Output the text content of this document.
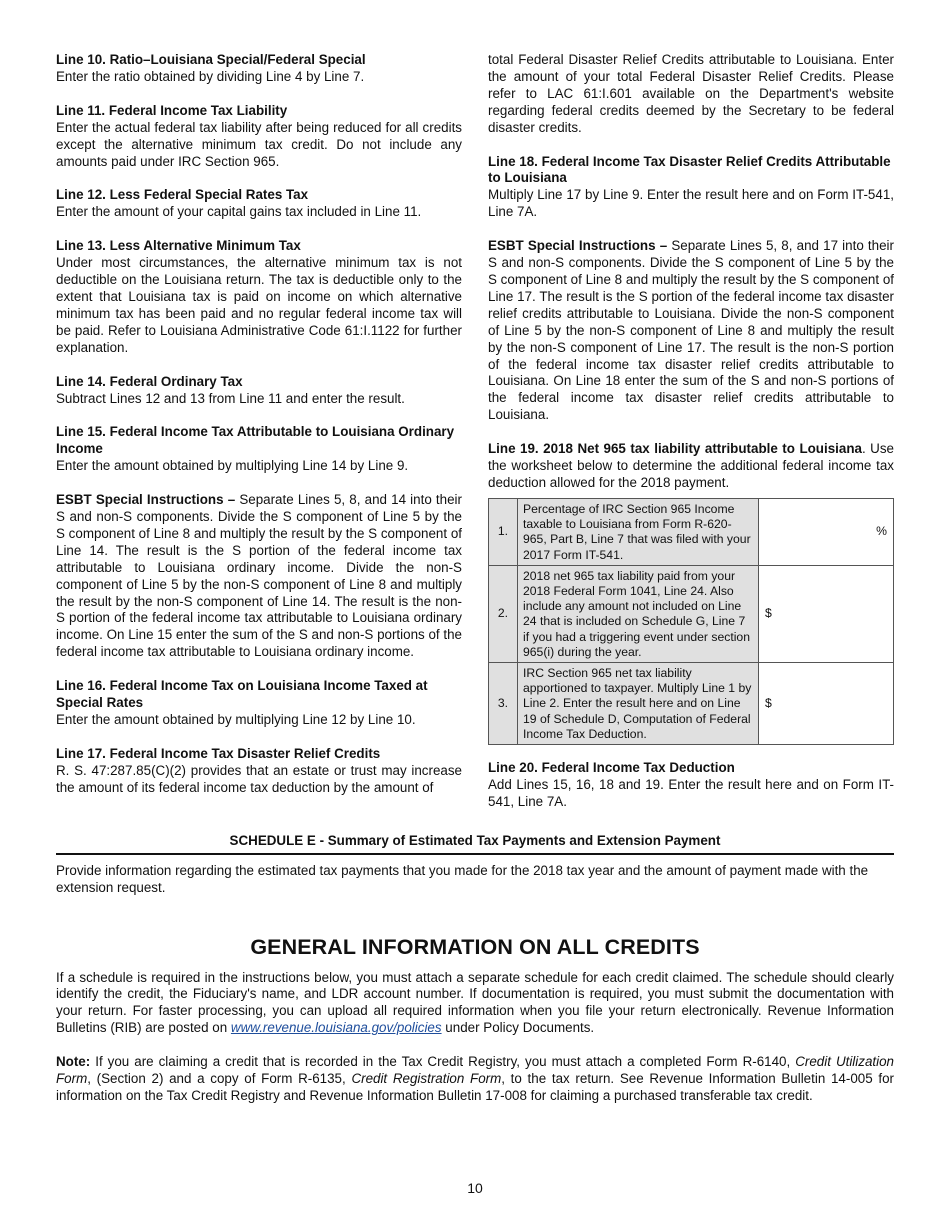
Line 10. Ratio–Louisiana Special/Federal Special

Enter the ratio obtained by dividing Line 4 by Line 7.

Line 11. Federal Income Tax Liability

Enter the actual federal tax liability after being reduced for all credits except the alternative minimum tax credit. Do not include any amounts paid under IRC Section 965.

Line 12. Less Federal Special Rates Tax

Enter the amount of your capital gains tax included in Line 11.

Line 13. Less Alternative Minimum Tax

Under most circumstances, the alternative minimum tax is not deductible on the Louisiana return. The tax is deductible only to the extent that Louisiana tax is paid on income on which alternative minimum tax has been paid and no regular federal income tax will be paid. Refer to Louisiana Administrative Code 61:I.1122 for further explanation.

Line 14. Federal Ordinary Tax

Subtract Lines 12 and 13 from Line 11 and enter the result.

Line 15. Federal Income Tax Attributable to Louisiana Ordinary Income

Enter the amount obtained by multiplying Line 14 by Line 9.

ESBT Special Instructions – Separate Lines 5, 8, and 14 into their S and non-S components. Divide the S component of Line 5 by the S component of Line 8 and multiply the result by the S component of Line 14. The result is the S portion of the federal income tax attributable to Louisiana ordinary income. Divide the non-S component of Line 5 by the non-S component of Line 8 and multiply the result by the non-S component of Line 14. The result is the non-S portion of the federal income tax attributable to Louisiana ordinary income. On Line 15 enter the sum of the S and non-S portions of the federal income tax attributable to Louisiana ordinary income.

Line 16. Federal Income Tax on Louisiana Income Taxed at Special Rates

Enter the amount obtained by multiplying Line 12 by Line 10.

Line 17. Federal Income Tax Disaster Relief Credits

R. S. 47:287.85(C)(2) provides that an estate or trust may increase the amount of its federal income tax deduction by the amount of

total Federal Disaster Relief Credits attributable to Louisiana. Enter the amount of your total Federal Disaster Relief Credits. Please refer to LAC 61:I.601 available on the Department's website regarding federal credits deemed by the Secretary to be federal disaster credits.

Line 18. Federal Income Tax Disaster Relief Credits Attributable to Louisiana

Multiply Line 17 by Line 9. Enter the result here and on Form IT-541, Line 7A.

ESBT Special Instructions – Separate Lines 5, 8, and 17 into their S and non-S components. Divide the S component of Line 5 by the S component of Line 8 and multiply the result by the S component of Line 17. The result is the S portion of the federal income tax disaster relief credits attributable to Louisiana. Divide the non-S component of Line 5 by the non-S component of Line 8 and multiply the result by the non-S component of Line 17. The result is the non-S portion of the federal income tax disaster relief credits attributable to Louisiana. On Line 18 enter the sum of the S and non-S portions of the federal income tax disaster relief credits attributable to Louisiana.

Line 19. 2018 Net 965 tax liability attributable to Louisiana. Use the worksheet below to determine the additional federal income tax deduction allowed for the 2018 payment.

1.	Percentage of IRC Section 965 Income taxable to Louisiana from Form R-620-965, Part B, Line 7 that was filed with your 2017 Form IT-541.	%
2.	2018 net 965 tax liability paid from your 2018 Federal Form 1041, Line 24. Also include any amount not included on Line 24 that is included on Schedule G, Line 7 if you had a triggering event under section 965(i) during the year.	$
3.	IRC Section 965 net tax liability apportioned to taxpayer. Multiply Line 1 by Line 2. Enter the result here and on Line 19 of Schedule D, Computation of Federal Income Tax Deduction.	$
Line 20. Federal Income Tax Deduction

Add Lines 15, 16, 18 and 19. Enter the result here and on Form IT-541, Line 7A.

SCHEDULE E - Summary of Estimated Tax Payments and Extension Payment

Provide information regarding the estimated tax payments that you made for the 2018 tax year and the amount of payment made with the extension request.

GENERAL INFORMATION ON ALL CREDITS

If a schedule is required in the instructions below, you must attach a separate schedule for each credit claimed. The schedule should clearly identify the credit, the Fiduciary's name, and LDR account number. If documentation is required, you must submit the documentation with your return. For faster processing, you can upload all required information when you file your return electronically. Revenue Information Bulletins (RIB) are posted on www.revenue.louisiana.gov/policies under Policy Documents.

Note: If you are claiming a credit that is recorded in the Tax Credit Registry, you must attach a completed Form R-6140, Credit Utilization Form, (Section 2) and a copy of Form R-6135, Credit Registration Form, to the tax return. See Revenue Information Bulletin 14-005 for information on the Tax Credit Registry and Revenue Information Bulletin 17-008 for claiming a purchased transferable tax credit.

10
